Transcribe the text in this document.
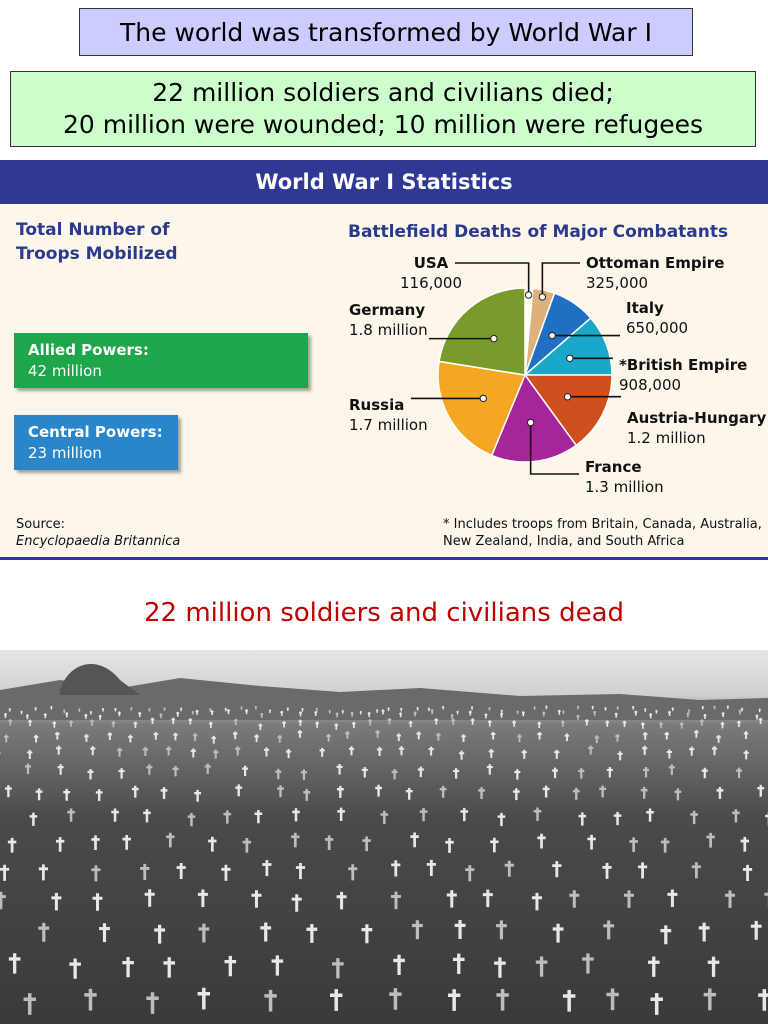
The world was transformed by World War I
22 million soldiers and civilians died;
20 million were wounded; 10 million were refugees
World War I Statistics
Total Number of
Troops Mobilized
Allied Powers:
42 million
Central Powers:
23 million
Battlefield Deaths of Major Combatants
USA
116,000
Ottoman Empire
325,000
Italy
650,000
*British Empire
908,000
Austria-Hungary
1.2 million
France
1.3 million
Russia
1.7 million
Germany
1.8 million
Source:
Encyclopaedia Britannica
* Includes troops from Britain, Canada, Australia,
New Zealand, India, and South Africa
22 million soldiers and civilians dead
